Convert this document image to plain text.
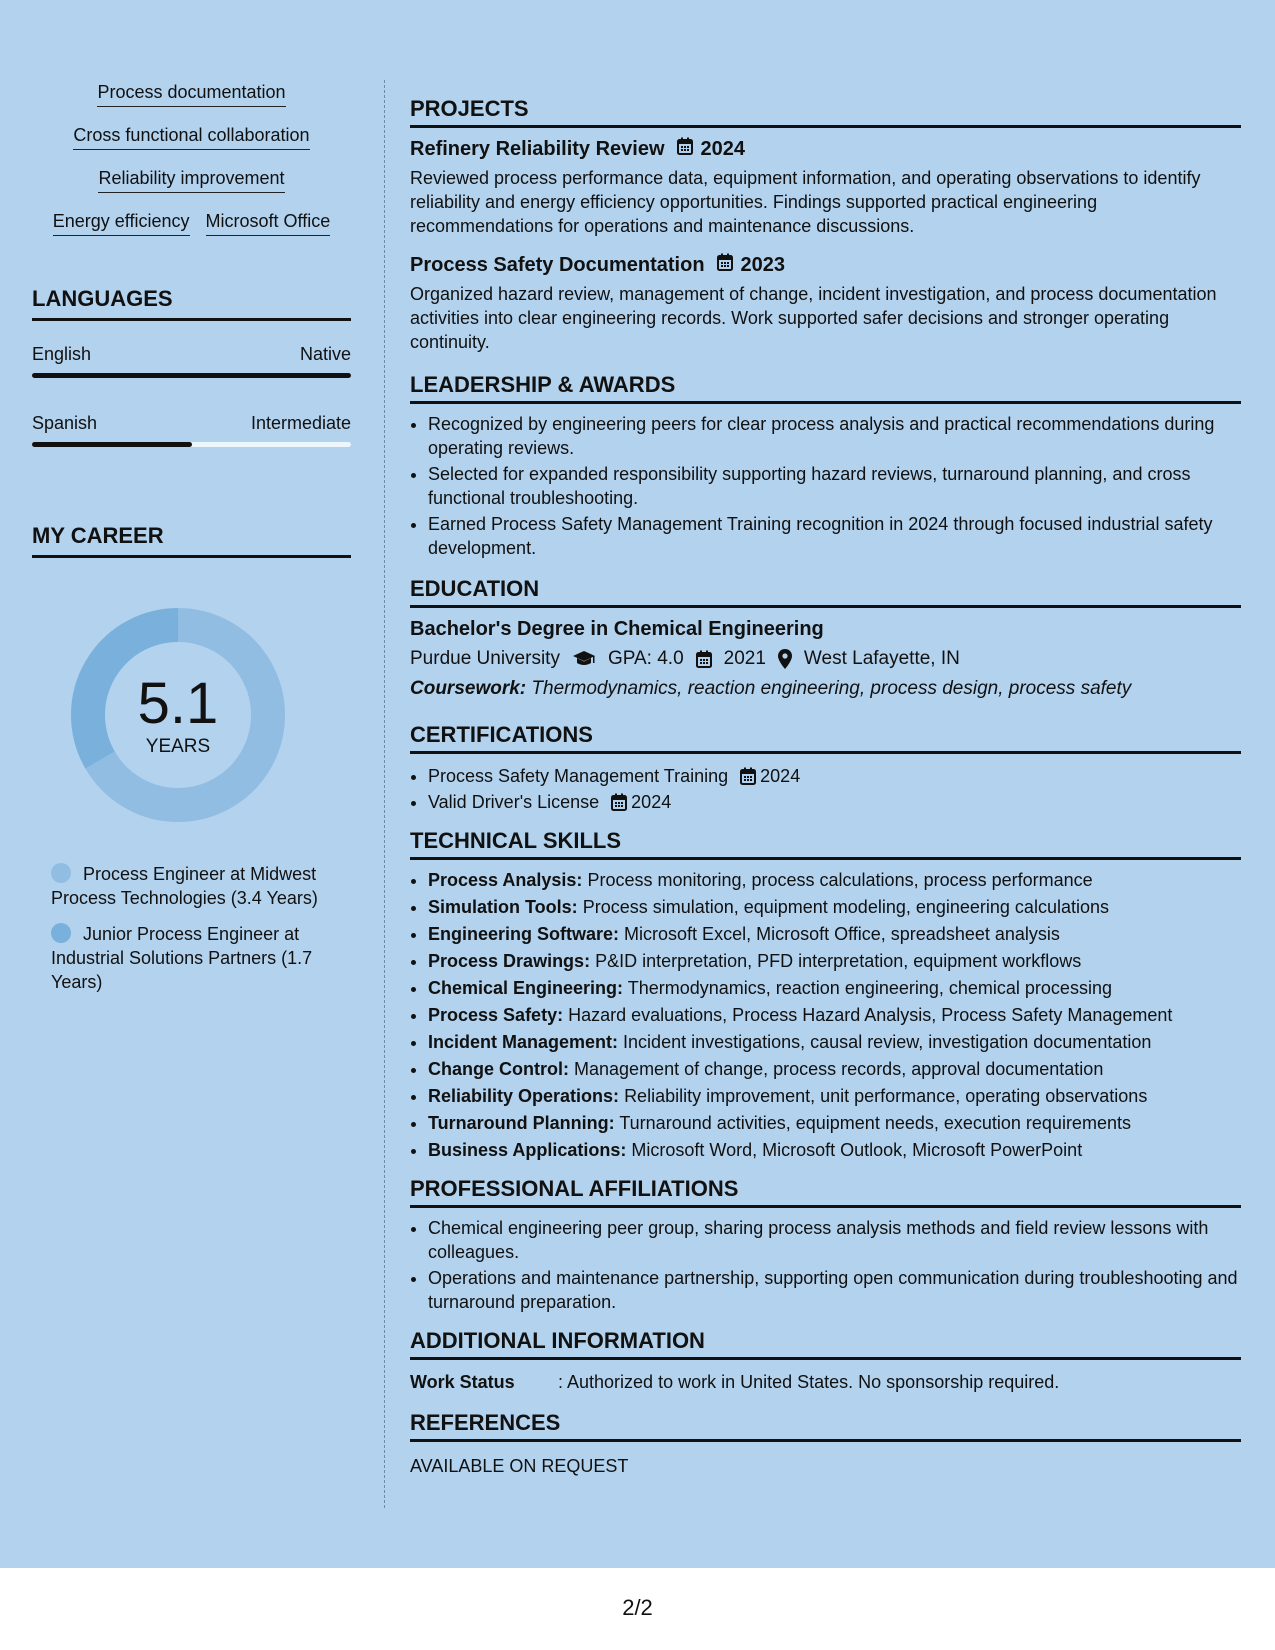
Process documentation
Cross functional collaboration
Reliability improvement
Energy efficiency Microsoft Office
LANGUAGES
English	Native
Spanish	Intermediate
MY CAREER
5.1
YEARS
Process Engineer at Midwest Process Technologies (3.4 Years)
Junior Process Engineer at Industrial Solutions Partners (1.7 Years)
PROJECTS
Refinery Reliability Review 2024
Reviewed process performance data, equipment information, and operating observations to identify reliability and energy efficiency opportunities. Findings supported practical engineering recommendations for operations and maintenance discussions.
Process Safety Documentation 2023
Organized hazard review, management of change, incident investigation, and process documentation activities into clear engineering records. Work supported safer decisions and stronger operating continuity.
LEADERSHIP & AWARDS
• Recognized by engineering peers for clear process analysis and practical recommendations during operating reviews.
• Selected for expanded responsibility supporting hazard reviews, turnaround planning, and cross functional troubleshooting.
• Earned Process Safety Management Training recognition in 2024 through focused industrial safety development.
EDUCATION
Bachelor's Degree in Chemical Engineering
Purdue University	GPA: 4.0 2021 West Lafayette, IN
Coursework: Thermodynamics, reaction engineering, process design, process safety
CERTIFICATIONS
• Process Safety Management Training 2024
• Valid Driver's License 2024
TECHNICAL SKILLS
• Process Analysis: Process monitoring, process calculations, process performance
• Simulation Tools: Process simulation, equipment modeling, engineering calculations
• Engineering Software: Microsoft Excel, Microsoft Office, spreadsheet analysis
• Process Drawings: P&ID interpretation, PFD interpretation, equipment workflows
• Chemical Engineering: Thermodynamics, reaction engineering, chemical processing
• Process Safety: Hazard evaluations, Process Hazard Analysis, Process Safety Management
• Incident Management: Incident investigations, causal review, investigation documentation
• Change Control: Management of change, process records, approval documentation
• Reliability Operations: Reliability improvement, unit performance, operating observations
• Turnaround Planning: Turnaround activities, equipment needs, execution requirements
• Business Applications: Microsoft Word, Microsoft Outlook, Microsoft PowerPoint
PROFESSIONAL AFFILIATIONS
• Chemical engineering peer group, sharing process analysis methods and field review lessons with colleagues.
• Operations and maintenance partnership, supporting open communication during troubleshooting and turnaround preparation.
ADDITIONAL INFORMATION
Work Status	: Authorized to work in United States. No sponsorship required.
REFERENCES
AVAILABLE ON REQUEST
2/2
